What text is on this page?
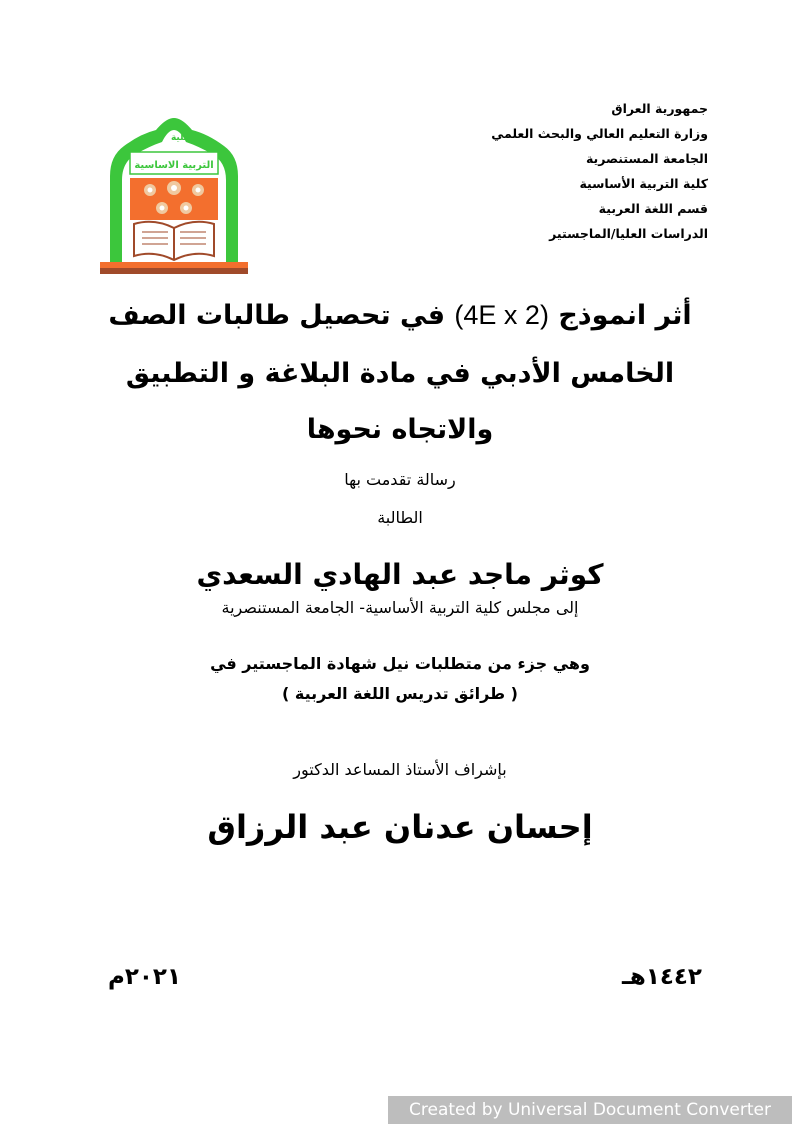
جمهورية العراق
وزارة التعليم العالي والبحث العلمي
الجامعة المستنصرية
كلية التربية الأساسية
قسم اللغة العربية
الدراسات العليا/الماجستير
التربية الاساسية
كلية
أثر انموذج (4E x 2) في تحصيل طالبات الصف
الخامس الأدبي في مادة البلاغة و التطبيق
والاتجاه نحوها
رسالة تقدمت بها
الطالبة
كوثر ماجد عبد الهادي السعدي
إلى مجلس كلية التربية الأساسية- الجامعة المستنصرية
وهي جزء من متطلبات نيل شهادة الماجستير في
( طرائق تدريس اللغة العربية )
بإشراف الأستاذ المساعد الدكتور
إحسان عدنان عبد الرزاق
١٤٤٢هـ
٢٠٢١م
Created by Universal Document Converter
